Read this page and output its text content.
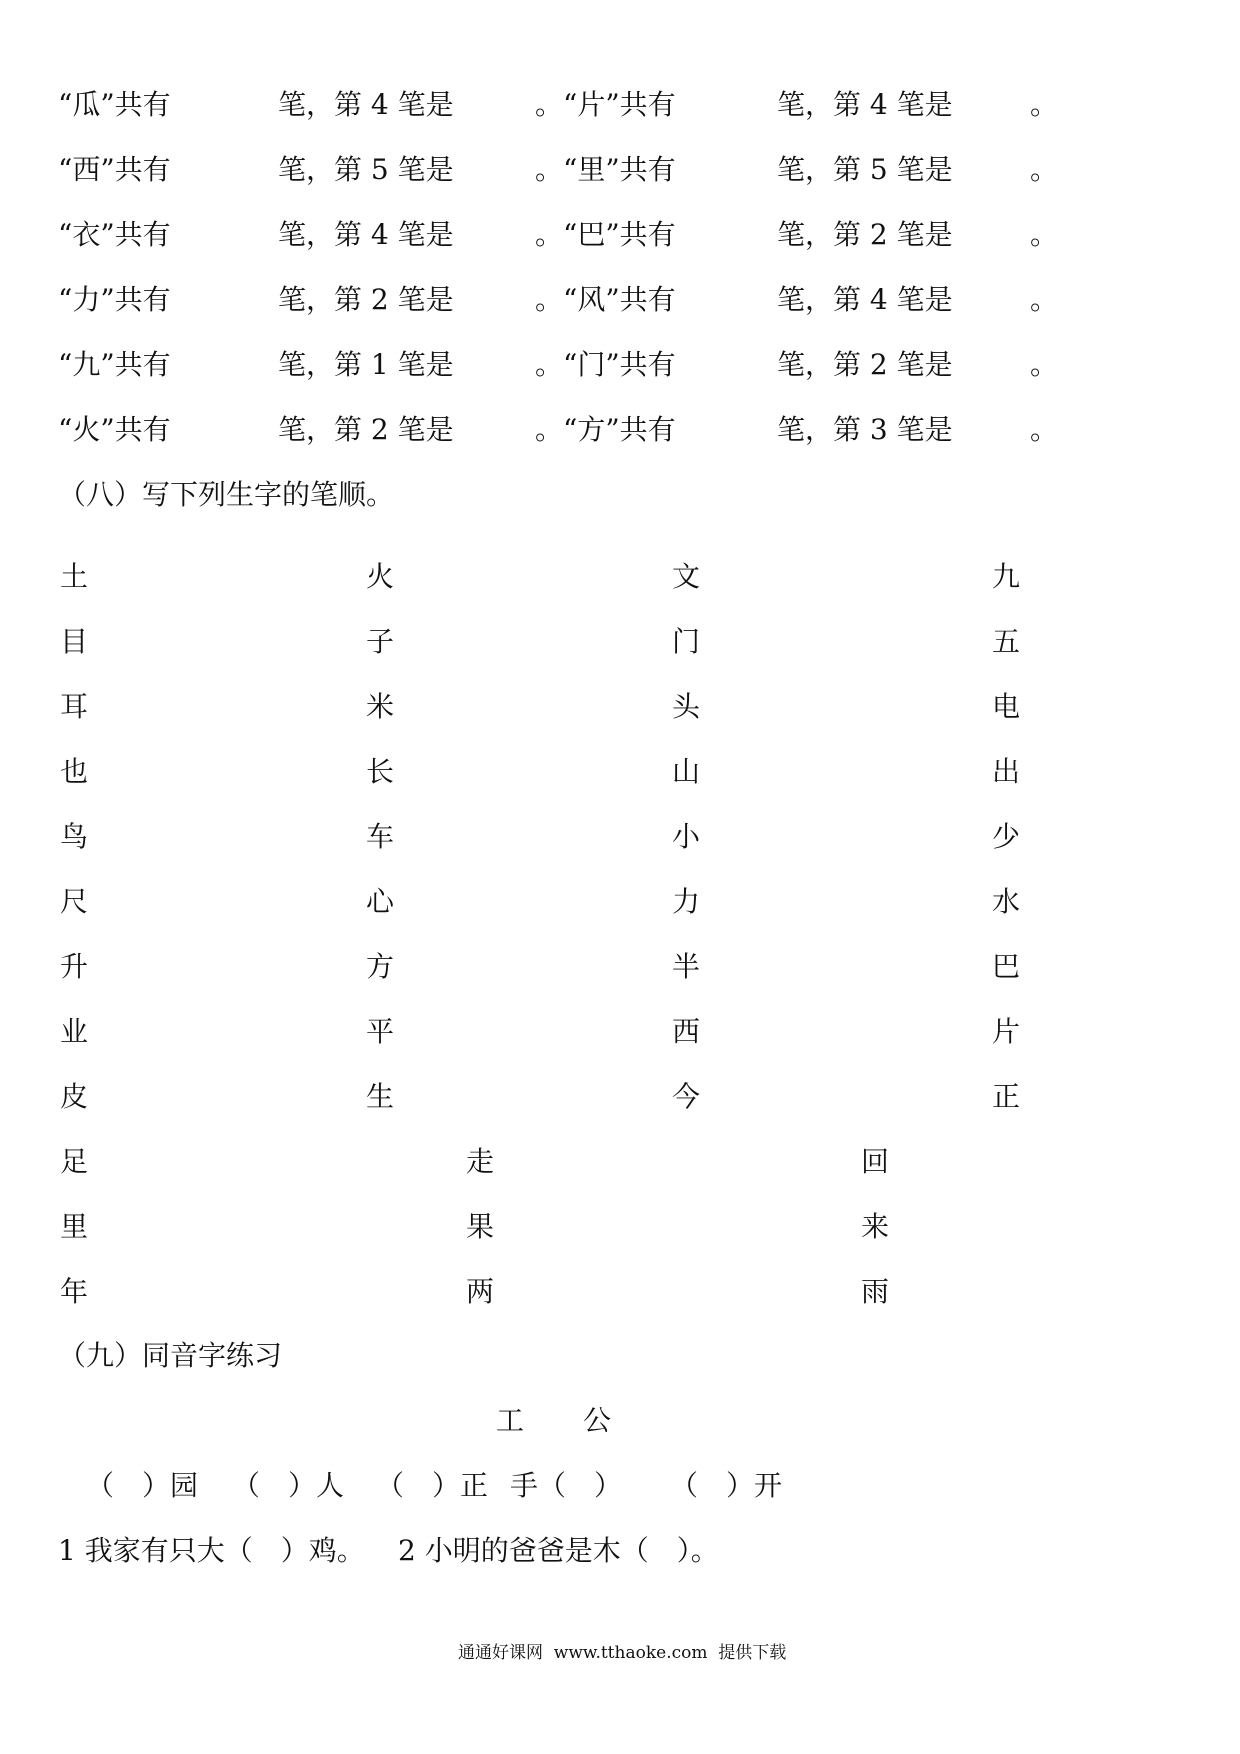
“瓜”共有	笔，第 4 笔是	。“片”共有	笔，第 4 笔是	。
“西”共有	笔，第 5 笔是	。“里”共有	笔，第 5 笔是	。
“衣”共有	笔，第 4 笔是	。“巴”共有	笔，第 2 笔是	。
“力”共有	笔，第 2 笔是	。“风”共有	笔，第 4 笔是	。
“九”共有	笔，第 1 笔是	。“门”共有	笔，第 2 笔是	。
“火”共有	笔，第 2 笔是	。“方”共有	笔，第 3 笔是	。
（八）写下列生字的笔顺。
土	火	文	九
目	子	门	五
耳	米	头	电
也	长	山	出
鸟	车	小	少
尺	心	力	水
升	方	半	巴
业	平	西	片
皮	生	今	正
足	走	回
里	果	来
年	两	雨
（九）同音字练习
工 公
（　）园 （　）人 （　）正 手（　） （　）开
1 我家有只大（　）鸡。 2 小明的爸爸是木（　）。
通通好课网  www.tthaoke.com  提供下载
